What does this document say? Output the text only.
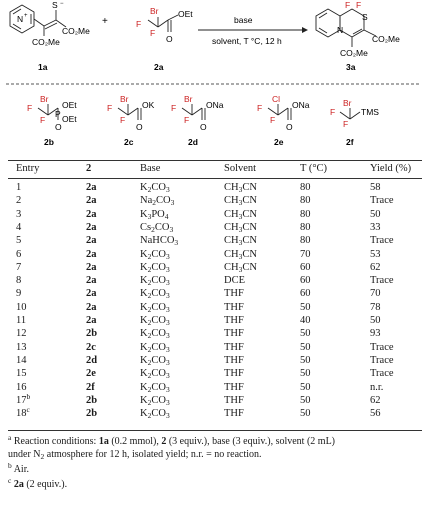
N +
S −
CO₂Me
CO₂Me
+
Br
F
F
O
OEt
base
solvent, T °C, 12 h
N
S
F F
CO₂Me
CO₂Me
1a	2a	3a
Br
F
F
O
P
OEt
OEt
2b
Br
F
F
O
OK
2c
Br
F
F
O
ONa
2d
Cl
F
F
O
ONa
2e
Br
F
F
TMS
2f
Entry	2	Base	Solvent	T (°C)	Yield (%)
1	2a	$K_2CO_3$	$CH_3CN$	80	58
2	2a	$Na_2CO_3$	$CH_3CN$	80	Trace
3	2a	$K_3PO_4$	$CH_3CN$	80	50
4	2a	$Cs_2CO_3$	$CH_3CN$	80	33
5	2a	NaHCO$_3$	$CH_3CN$	80	Trace
6	2a	$K_2CO_3$	$CH_3CN$	70	53
7	2a	$K_2CO_3$	$CH_3CN$	60	62
8	2a	$K_2CO_3$	DCE	60	Trace
9	2a	$K_2CO_3$	THF	60	70
10	2a	$K_2CO_3$	THF	50	78
11	2a	$K_2CO_3$	THF	40	50
12	2b	$K_2CO_3$	THF	50	93
13	2c	$K_2CO_3$	THF	50	Trace
14	2d	$K_2CO_3$	THF	50	Trace
15	2e	$K_2CO_3$	THF	50	Trace
16	2f	$K_2CO_3$	THF	50	n.r.
17$^b$	2b	$K_2CO_3$	THF	50	62
18$^c$	2b	$K_2CO_3$	THF	50	56
$^a$ Reaction conditions: 1a (0.2 mmol), 2 (3 equiv.), base (3 equiv.), solvent (2 mL)
under $N_2$ atmosphere for 12 h, isolated yield; n.r. = no reaction.
$^b$ Air.
$^c$ 2a (2 equiv.).
